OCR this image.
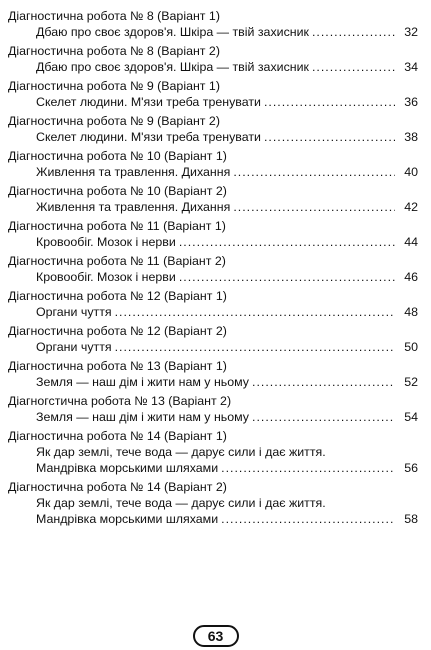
Діагностична робота № 8 (Варіант 1)
Дбаю про своє здоров'я. Шкіра — твій захисник .....	32
Діагностична робота № 8 (Варіант 2)
Дбаю про своє здоров'я. Шкіра — твій захисник .....	34
Діагностична робота № 9 (Варіант 1)
Скелет людини. М'язи треба тренувати .....	36
Діагностична робота № 9 (Варіант 2)
Скелет людини. М'язи треба тренувати .....	38
Діагностична робота № 10 (Варіант 1)
Живлення та травлення. Дихання .....	40
Діагностична робота № 10 (Варіант 2)
Живлення та травлення. Дихання .....	42
Діагностична робота № 11 (Варіант 1)
Кровообіг. Мозок і нерви .....	44
Діагностична робота № 11 (Варіант 2)
Кровообіг. Мозок і нерви .....	46
Діагностична робота № 12 (Варіант 1)
Органи чуття .....	48
Діагностична робота № 12 (Варіант 2)
Органи чуття .....	50
Діагностична робота № 13 (Варіант 1)
Земля — наш дім і жити нам у ньому .....	52
Діагногстична робота № 13 (Варіант 2)
Земля — наш дім і жити нам у ньому .....	54
Діагностична робота № 14 (Варіант 1)
Як дар землі, тече вода — дарує сили і дає життя.
Мандрівка морськими шляхами .....	56
Діагностична робота № 14 (Варіант 2)
Як дар землі, тече вода — дарує сили і дає життя.
Мандрівка морськими шляхами .....	58
63
